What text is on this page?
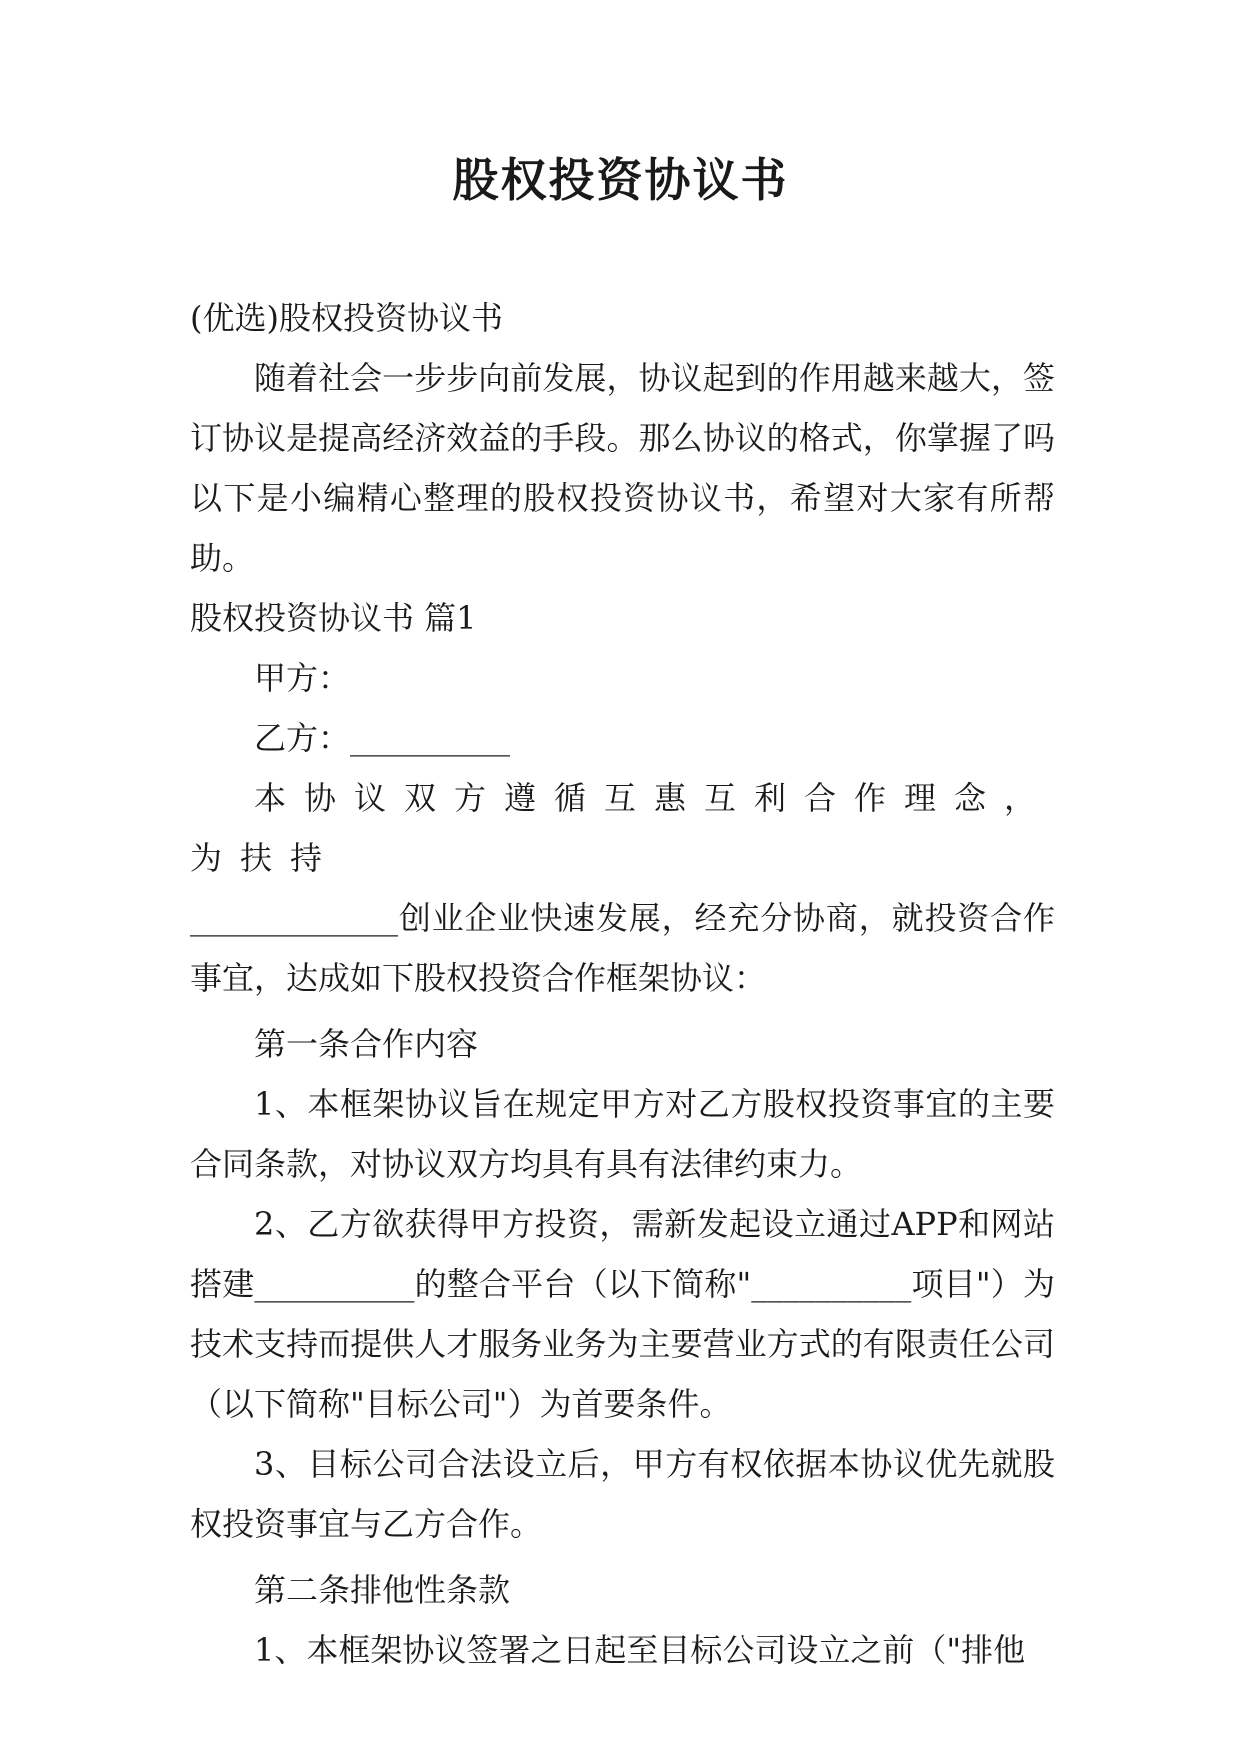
股权投资协议书

(优选)股权投资协议书

随着社会一步步向前发展，协议起到的作用越来越大，签订协议是提高经济效益的手段。那么协议的格式，你掌握了吗以下是小编精心整理的股权投资协议书，希望对大家有所帮助。

股权投资协议书 篇1

甲方：

乙方：__________

本协议双方遵循互惠互利合作理念，为扶持

_____________创业企业快速发展，经充分协商，就投资合作事宜，达成如下股权投资合作框架协议：

第一条合作内容

1、本框架协议旨在规定甲方对乙方股权投资事宜的主要合同条款，对协议双方均具有具有法律约束力。

2、乙方欲获得甲方投资，需新发起设立通过APP和网站搭建__________的整合平台（以下简称"__________项目"）为技术支持而提供人才服务业务为主要营业方式的有限责任公司（以下简称"目标公司"）为首要条件。

3、目标公司合法设立后，甲方有权依据本协议优先就股权投资事宜与乙方合作。

第二条排他性条款

1、本框架协议签署之日起至目标公司设立之前（"排他
